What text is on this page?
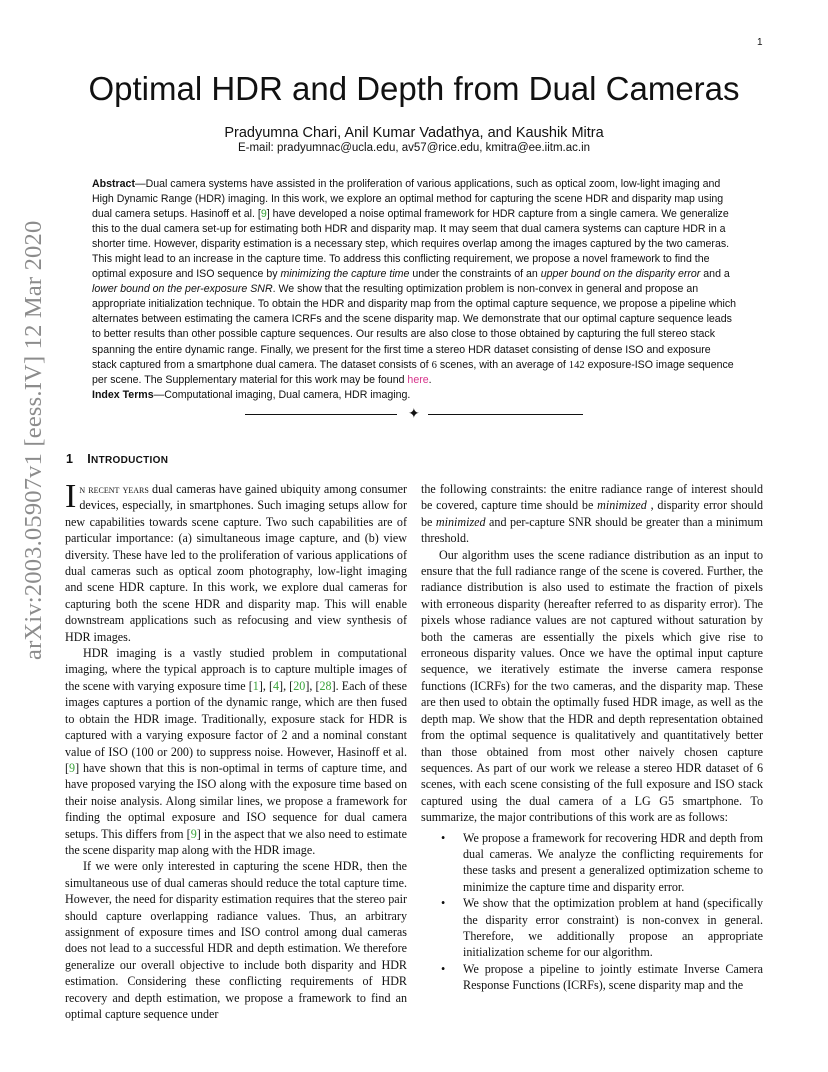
1
arXiv:2003.05907v1 [eess.IV] 12 Mar 2020
Optimal HDR and Depth from Dual Cameras
Pradyumna Chari, Anil Kumar Vadathya, and Kaushik Mitra
E-mail: pradyumnac@ucla.edu, av57@rice.edu, kmitra@ee.iitm.ac.in

Abstract—Dual camera systems have assisted in the proliferation of various applications, such as optical zoom, low-light imaging and High Dynamic Range (HDR) imaging. In this work, we explore an optimal method for capturing the scene HDR and disparity map using dual camera setups. Hasinoff et al. [9] have developed a noise optimal framework for HDR capture from a single camera. We generalize this to the dual camera set-up for estimating both HDR and disparity map. It may seem that dual camera systems can capture HDR in a shorter time. However, disparity estimation is a necessary step, which requires overlap among the images captured by the two cameras. This might lead to an increase in the capture time. To address this conflicting requirement, we propose a novel framework to find the optimal exposure and ISO sequence by minimizing the capture time under the constraints of an upper bound on the disparity error and a lower bound on the per-exposure SNR. We show that the resulting optimization problem is non-convex in general and propose an appropriate initialization technique. To obtain the HDR and disparity map from the optimal capture sequence, we propose a pipeline which alternates between estimating the camera ICRFs and the scene disparity map. We demonstrate that our optimal capture sequence leads to better results than other possible capture sequences. Our results are also close to those obtained by capturing the full stereo stack spanning the entire dynamic range. Finally, we present for the first time a stereo HDR dataset consisting of dense ISO and exposure stack captured from a smartphone dual camera. The dataset consists of 6 scenes, with an average of 142 exposure-ISO image sequence per scene. The Supplementary material for this work may be found here.

Index Terms—Computational imaging, Dual camera, HDR imaging.
✦
1 INTRODUCTION

In recent years dual cameras have gained ubiquity among consumer devices, especially, in smartphones. Such imaging setups allow for new capabilities towards scene capture. Two such capabilities are of particular importance: (a) simultaneous image capture, and (b) view diversity. These have led to the proliferation of various applications of dual cameras such as optical zoom photography, low-light imaging and scene HDR capture. In this work, we explore dual cameras for capturing both the scene HDR and disparity map. This will enable downstream applications such as refocusing and view synthesis of HDR images.

HDR imaging is a vastly studied problem in computational imaging, where the typical approach is to capture multiple images of the scene with varying exposure time [1], [4], [20], [28]. Each of these images captures a portion of the dynamic range, which are then fused to obtain the HDR image. Traditionally, exposure stack for HDR is captured with a varying exposure factor of 2 and a nominal constant value of ISO (100 or 200) to suppress noise. However, Hasinoff et al. [9] have shown that this is non-optimal in terms of capture time, and have proposed varying the ISO along with the exposure time based on their noise analysis. Along similar lines, we propose a framework for finding the optimal exposure and ISO sequence for dual camera setups. This differs from [9] in the aspect that we also need to estimate the scene disparity map along with the HDR image.

If we were only interested in capturing the scene HDR, then the simultaneous use of dual cameras should reduce the total capture time. However, the need for disparity estimation requires that the stereo pair should capture overlapping radiance values. Thus, an arbitrary assignment of exposure times and ISO control among dual cameras does not lead to a successful HDR and depth estimation. We therefore generalize our overall objective to include both disparity and HDR estimation. Considering these conflicting requirements of HDR recovery and depth estimation, we propose a framework to find an optimal capture sequence under

the following constraints: the enitre radiance range of interest should be covered, capture time should be minimized , disparity error should be minimized and per-capture SNR should be greater than a minimum threshold.

Our algorithm uses the scene radiance distribution as an input to ensure that the full radiance range of the scene is covered. Further, the radiance distribution is also used to estimate the fraction of pixels with erroneous disparity (hereafter referred to as disparity error). The pixels whose radiance values are not captured without saturation by both the cameras are essentially the pixels which give rise to erroneous disparity values. Once we have the optimal input capture sequence, we iteratively estimate the inverse camera response functions (ICRFs) for the two cameras, and the disparity map. These are then used to obtain the optimally fused HDR image, as well as the depth map. We show that the HDR and depth representation obtained from the optimal sequence is qualitatively and quantitatively better than those obtained from most other naively chosen capture sequences. As part of our work we release a stereo HDR dataset of 6 scenes, with each scene consisting of the full exposure and ISO stack captured using the dual camera of a LG G5 smartphone. To summarize, the major contributions of this work are as follows:

• We propose a framework for recovering HDR and depth from dual cameras. We analyze the conflicting requirements for these tasks and present a generalized optimization scheme to minimize the capture time and disparity error.
• We show that the optimization problem at hand (specifically the disparity error constraint) is non-convex in general. Therefore, we additionally propose an appropriate initialization scheme for our algorithm.
• We propose a pipeline to jointly estimate Inverse Camera Response Functions (ICRFs), scene disparity map and the
